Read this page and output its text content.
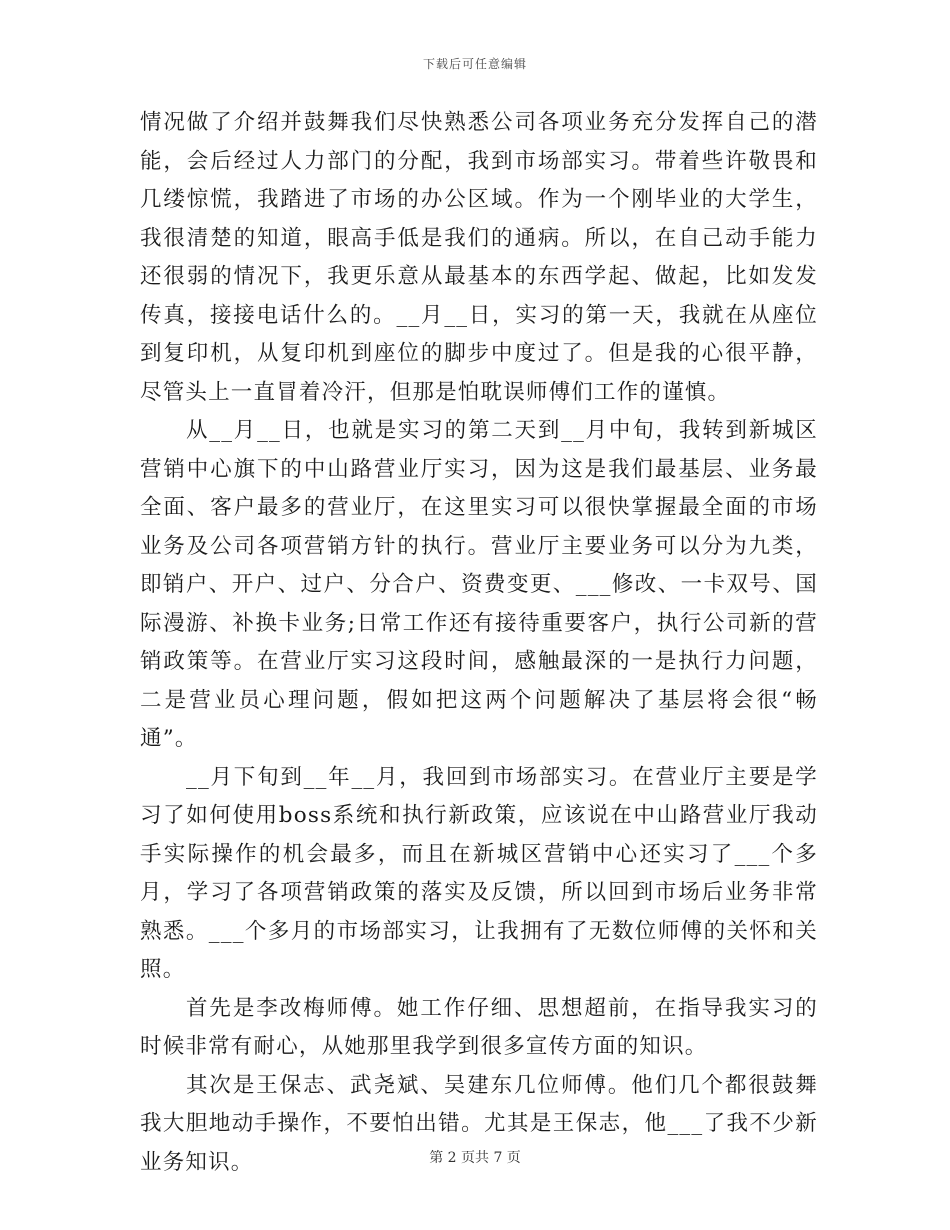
下载后可任意编辑

情况做了介绍并鼓舞我们尽快熟悉公司各项业务充分发挥自己的潜能，会后经过人力部门的分配，我到市场部实习。带着些许敬畏和几缕惊慌，我踏进了市场的办公区域。作为一个刚毕业的大学生，我很清楚的知道，眼高手低是我们的通病。所以，在自己动手能力还很弱的情况下，我更乐意从最基本的东西学起、做起，比如发发传真，接接电话什么的。__月__日，实习的第一天，我就在从座位到复印机，从复印机到座位的脚步中度过了。但是我的心很平静，尽管头上一直冒着冷汗，但那是怕耽误师傅们工作的谨慎。

从__月__日，也就是实习的第二天到__月中旬，我转到新城区营销中心旗下的中山路营业厅实习，因为这是我们最基层、业务最全面、客户最多的营业厅，在这里实习可以很快掌握最全面的市场业务及公司各项营销方针的执行。营业厅主要业务可以分为九类，即销户、开户、过户、分合户、资费变更、___修改、一卡双号、国际漫游、补换卡业务;日常工作还有接待重要客户，执行公司新的营销政策等。在营业厅实习这段时间，感触最深的一是执行力问题，二是营业员心理问题，假如把这两个问题解决了基层将会很“畅通”。

__月下旬到__年__月，我回到市场部实习。在营业厅主要是学习了如何使用boss系统和执行新政策，应该说在中山路营业厅我动手实际操作的机会最多，而且在新城区营销中心还实习了___个多月，学习了各项营销政策的落实及反馈，所以回到市场后业务非常熟悉。___个多月的市场部实习，让我拥有了无数位师傅的关怀和关照。

首先是李改梅师傅。她工作仔细、思想超前，在指导我实习的时候非常有耐心，从她那里我学到很多宣传方面的知识。

其次是王保志、武尧斌、吴建东几位师傅。他们几个都很鼓舞我大胆地动手操作，不要怕出错。尤其是王保志，他___了我不少新业务知识。	第 2 页共 7 页
